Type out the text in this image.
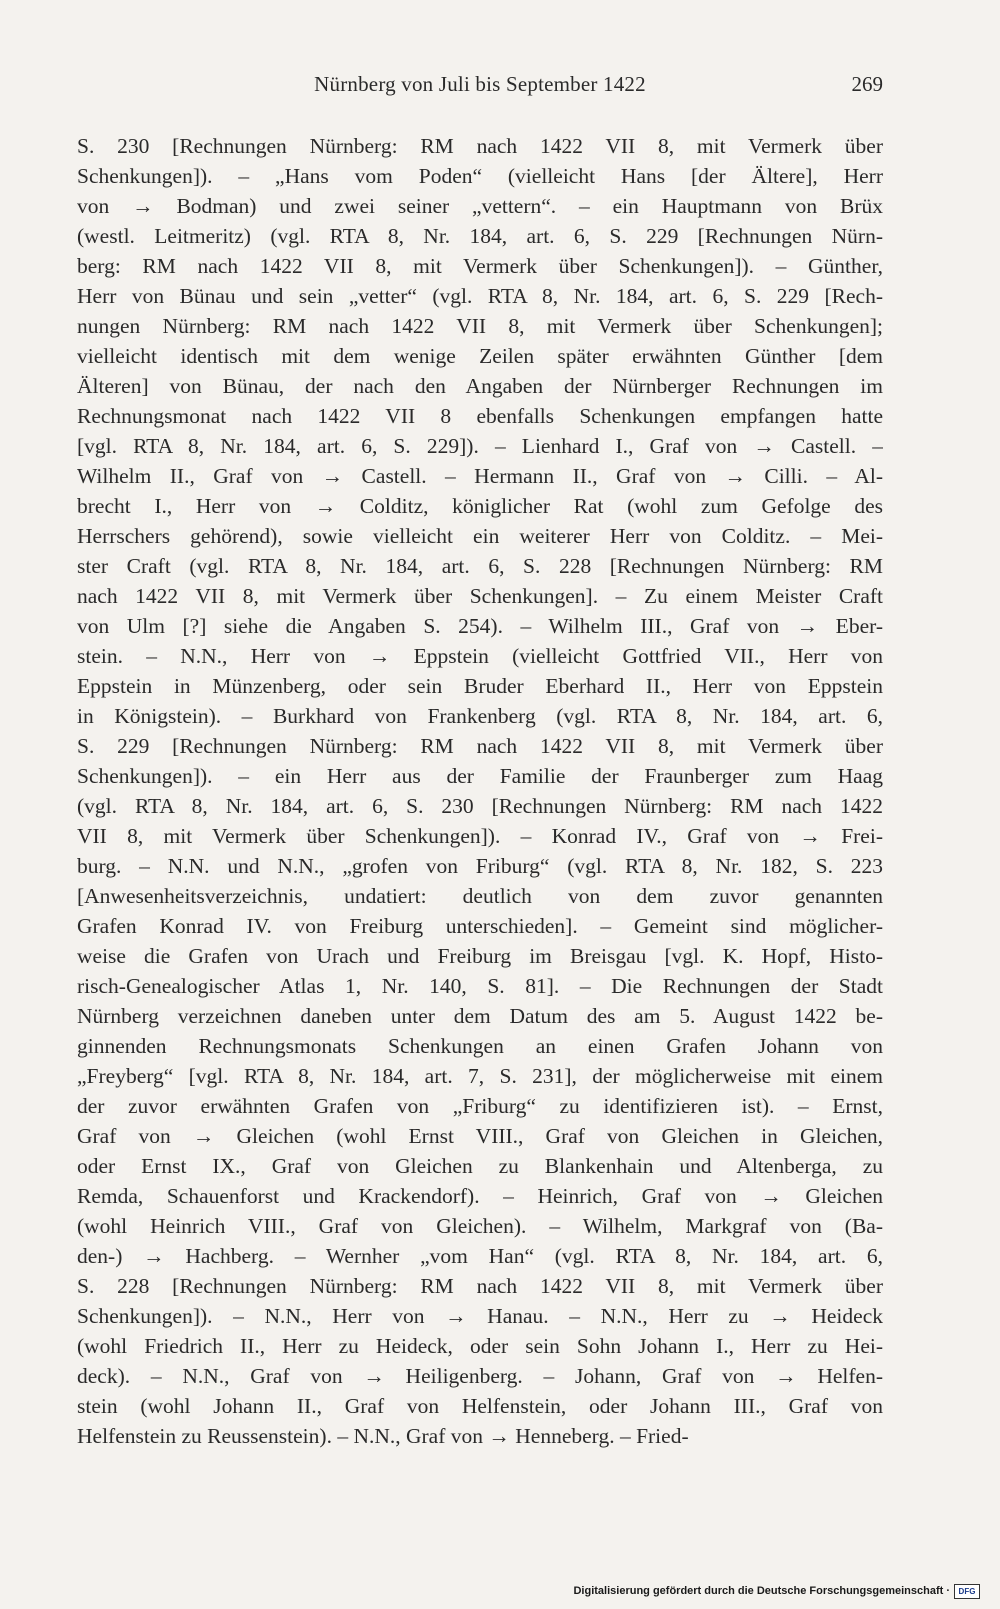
Nürnberg von Juli bis September 1422	269
S. 230 [Rechnungen Nürnberg: RM nach 1422 VII 8, mit Vermerk über
Schenkungen]). – „Hans vom Poden“ (vielleicht Hans [der Ältere], Herr
von → Bodman) und zwei seiner „vettern“. – ein Hauptmann von Brüx
(westl. Leitmeritz) (vgl. RTA 8, Nr. 184, art. 6, S. 229 [Rechnungen Nürn-
berg: RM nach 1422 VII 8, mit Vermerk über Schenkungen]). – Günther,
Herr von Bünau und sein „vetter“ (vgl. RTA 8, Nr. 184, art. 6, S. 229 [Rech-
nungen Nürnberg: RM nach 1422 VII 8, mit Vermerk über Schenkungen];
vielleicht identisch mit dem wenige Zeilen später erwähnten Günther [dem
Älteren] von Bünau, der nach den Angaben der Nürnberger Rechnungen im
Rechnungsmonat nach 1422 VII 8 ebenfalls Schenkungen empfangen hatte
[vgl. RTA 8, Nr. 184, art. 6, S. 229]). – Lienhard I., Graf von → Castell. –
Wilhelm II., Graf von → Castell. – Hermann II., Graf von → Cilli. – Al-
brecht I., Herr von → Colditz, königlicher Rat (wohl zum Gefolge des
Herrschers gehörend), sowie vielleicht ein weiterer Herr von Colditz. – Mei-
ster Craft (vgl. RTA 8, Nr. 184, art. 6, S. 228 [Rechnungen Nürnberg: RM
nach 1422 VII 8, mit Vermerk über Schenkungen]. – Zu einem Meister Craft
von Ulm [?] siehe die Angaben S. 254). – Wilhelm III., Graf von → Eber-
stein. – N.N., Herr von → Eppstein (vielleicht Gottfried VII., Herr von
Eppstein in Münzenberg, oder sein Bruder Eberhard II., Herr von Eppstein
in Königstein). – Burkhard von Frankenberg (vgl. RTA 8, Nr. 184, art. 6,
S. 229 [Rechnungen Nürnberg: RM nach 1422 VII 8, mit Vermerk über
Schenkungen]). – ein Herr aus der Familie der Fraunberger zum Haag
(vgl. RTA 8, Nr. 184, art. 6, S. 230 [Rechnungen Nürnberg: RM nach 1422
VII 8, mit Vermerk über Schenkungen]). – Konrad IV., Graf von → Frei-
burg. – N.N. und N.N., „grofen von Friburg“ (vgl. RTA 8, Nr. 182, S. 223
[Anwesenheitsverzeichnis, undatiert: deutlich von dem zuvor genannten
Grafen Konrad IV. von Freiburg unterschieden]. – Gemeint sind möglicher-
weise die Grafen von Urach und Freiburg im Breisgau [vgl. K. Hopf, Histo-
risch-Genealogischer Atlas 1, Nr. 140, S. 81]. – Die Rechnungen der Stadt
Nürnberg verzeichnen daneben unter dem Datum des am 5. August 1422 be-
ginnenden Rechnungsmonats Schenkungen an einen Grafen Johann von
„Freyberg“ [vgl. RTA 8, Nr. 184, art. 7, S. 231], der möglicherweise mit einem
der zuvor erwähnten Grafen von „Friburg“ zu identifizieren ist). – Ernst,
Graf von → Gleichen (wohl Ernst VIII., Graf von Gleichen in Gleichen,
oder Ernst IX., Graf von Gleichen zu Blankenhain und Altenberga, zu
Remda, Schauenforst und Krackendorf). – Heinrich, Graf von → Gleichen
(wohl Heinrich VIII., Graf von Gleichen). – Wilhelm, Markgraf von (Ba-
den-) → Hachberg. – Wernher „vom Han“ (vgl. RTA 8, Nr. 184, art. 6,
S. 228 [Rechnungen Nürnberg: RM nach 1422 VII 8, mit Vermerk über
Schenkungen]). – N.N., Herr von → Hanau. – N.N., Herr zu → Heideck
(wohl Friedrich II., Herr zu Heideck, oder sein Sohn Johann I., Herr zu Hei-
deck). – N.N., Graf von → Heiligenberg. – Johann, Graf von → Helfen-
stein (wohl Johann II., Graf von Helfenstein, oder Johann III., Graf von
Helfenstein zu Reussenstein). – N.N., Graf von → Henneberg. – Fried-
Digitalisierung gefördert durch die Deutsche Forschungsgemeinschaft ·	DFG
